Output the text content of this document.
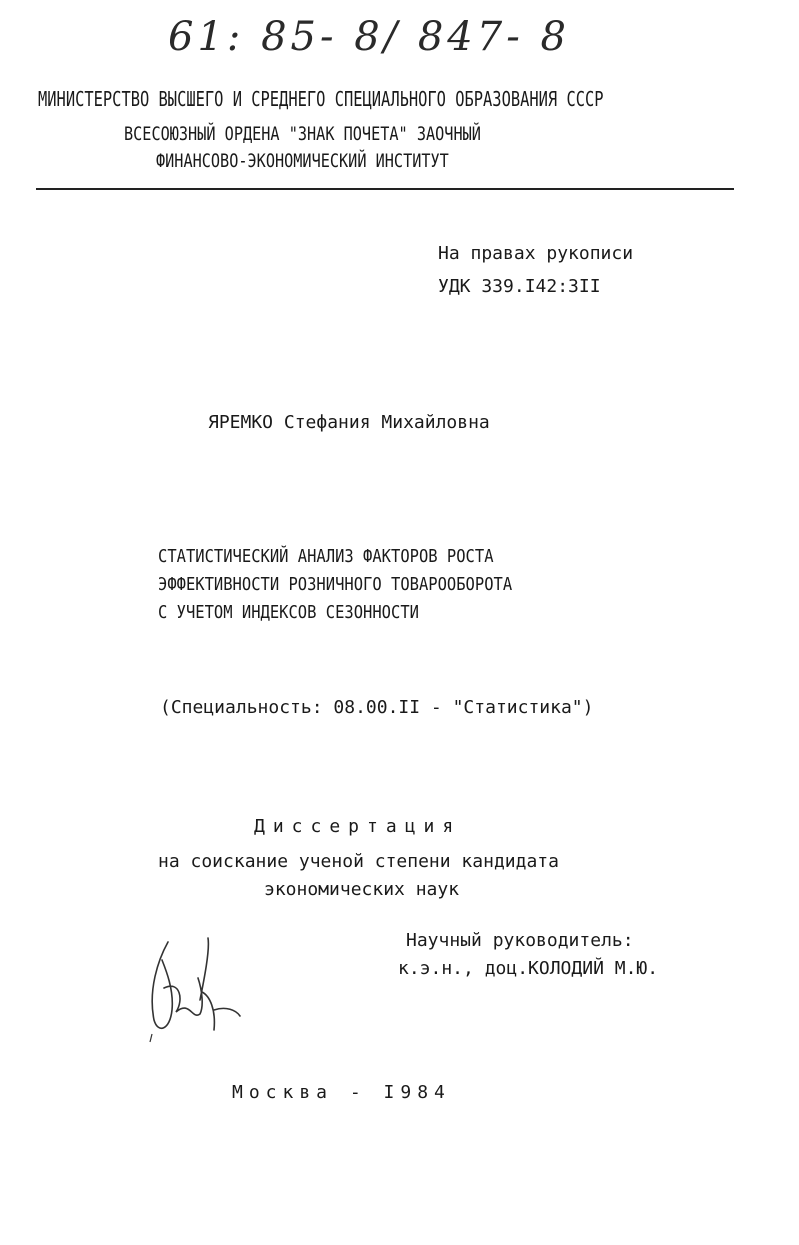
61: 85- 8/ 847- 8
МИНИСТЕРСТВО ВЫСШЕГО И СРЕДНЕГО СПЕЦИАЛЬНОГО ОБРАЗОВАНИЯ СССР
ВСЕСОЮЗНЫЙ ОРДЕНА "ЗНАК ПОЧЕТА" ЗАОЧНЫЙ
ФИНАНСОВО-ЭКОНОМИЧЕСКИЙ ИНСТИТУТ
На правах рукописи
УДК 339.I42:3II
ЯРЕМКО Стефания Михайловна
СТАТИСТИЧЕСКИЙ АНАЛИЗ ФАКТОРОВ РОСТА
ЭФФЕКТИВНОСТИ РОЗНИЧНОГО ТОВАРООБОРОТА
С УЧЕТОМ ИНДЕКСОВ СЕЗОННОСТИ
(Специальность: 08.00.II - "Статистика")
Диссертация
на соискание ученой степени кандидата
экономических наук
Научный руководитель:
к.э.н., доц.КОЛОДИЙ М.Ю.
Москва - I984
